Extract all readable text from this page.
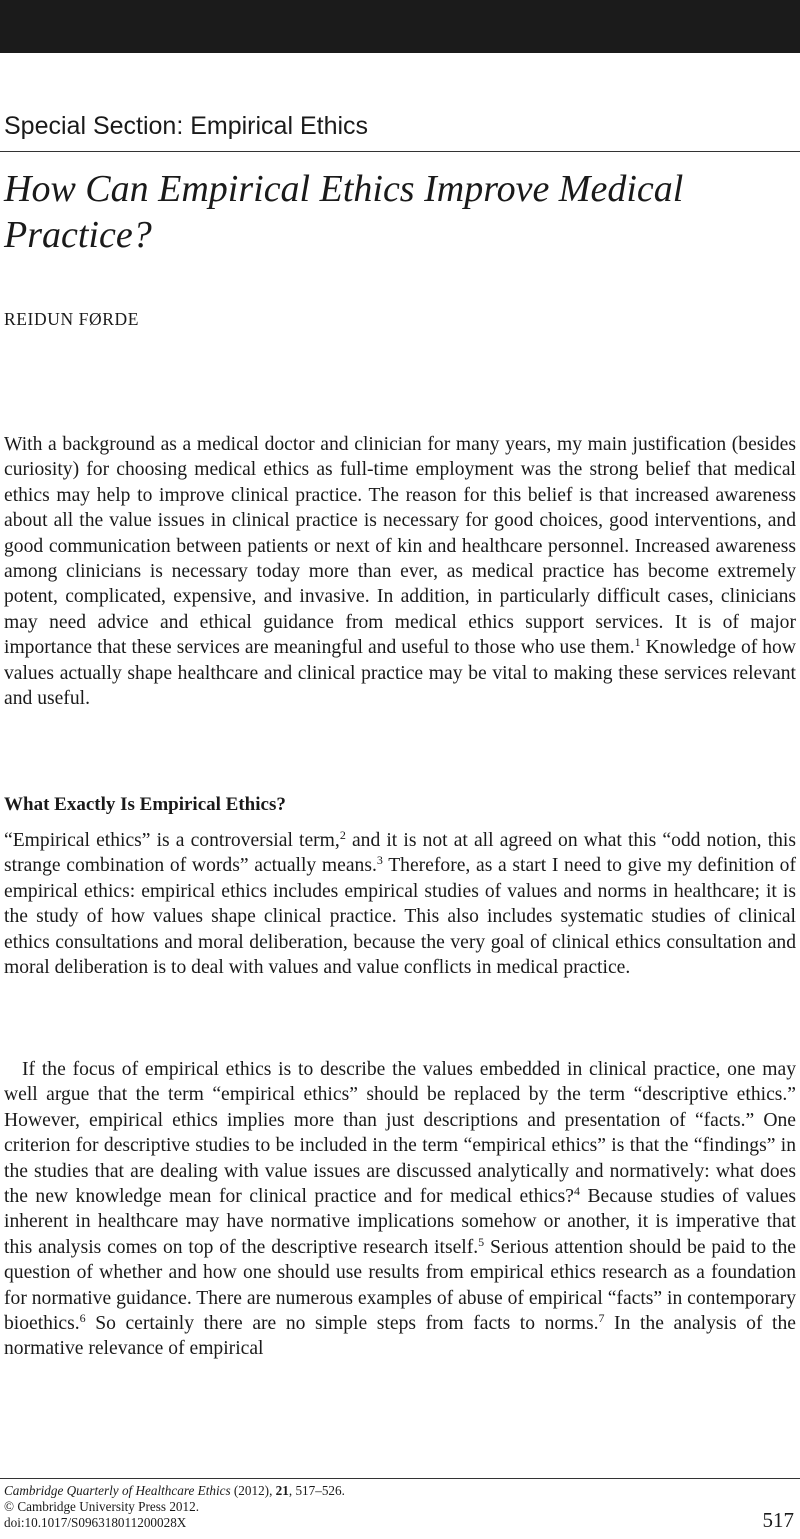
Special Section: Empirical Ethics
How Can Empirical Ethics Improve Medical Practice?
REIDUN FØRDE

With a background as a medical doctor and clinician for many years, my main justification (besides curiosity) for choosing medical ethics as full-time employment was the strong belief that medical ethics may help to improve clinical practice. The reason for this belief is that increased awareness about all the value issues in clinical practice is necessary for good choices, good interventions, and good communication between patients or next of kin and healthcare personnel. Increased awareness among clinicians is necessary today more than ever, as medical practice has become extremely potent, complicated, expensive, and invasive. In addition, in particularly difficult cases, clinicians may need advice and ethical guidance from medical ethics support services. It is of major importance that these services are meaningful and useful to those who use them.$^1$ Knowledge of how values actually shape healthcare and clinical practice may be vital to making these services relevant and useful.

What Exactly Is Empirical Ethics?

“Empirical ethics” is a controversial term,$^2$ and it is not at all agreed on what this “odd notion, this strange combination of words” actually means.$^3$ Therefore, as a start I need to give my definition of empirical ethics: empirical ethics includes empirical studies of values and norms in healthcare; it is the study of how values shape clinical practice. This also includes systematic studies of clinical ethics consultations and moral deliberation, because the very goal of clinical ethics consultation and moral deliberation is to deal with values and value conflicts in medical practice.

If the focus of empirical ethics is to describe the values embedded in clinical practice, one may well argue that the term “empirical ethics” should be replaced by the term “descriptive ethics.” However, empirical ethics implies more than just descriptions and presentation of “facts.” One criterion for descriptive studies to be included in the term “empirical ethics” is that the “findings” in the studies that are dealing with value issues are discussed analytically and normatively: what does the new knowledge mean for clinical practice and for medical ethics?$^4$ Because studies of values inherent in healthcare may have normative implications somehow or another, it is imperative that this analysis comes on top of the descriptive research itself.$^5$ Serious attention should be paid to the question of whether and how one should use results from empirical ethics research as a foundation for normative guidance. There are numerous examples of abuse of empirical “facts” in contemporary bioethics.$^6$ So certainly there are no simple steps from facts to norms.$^7$ In the analysis of the normative relevance of empirical

Cambridge Quarterly of Healthcare Ethics (2012), 21, 517–526.
© Cambridge University Press 2012.
doi:10.1017/S096318011200028X	517
